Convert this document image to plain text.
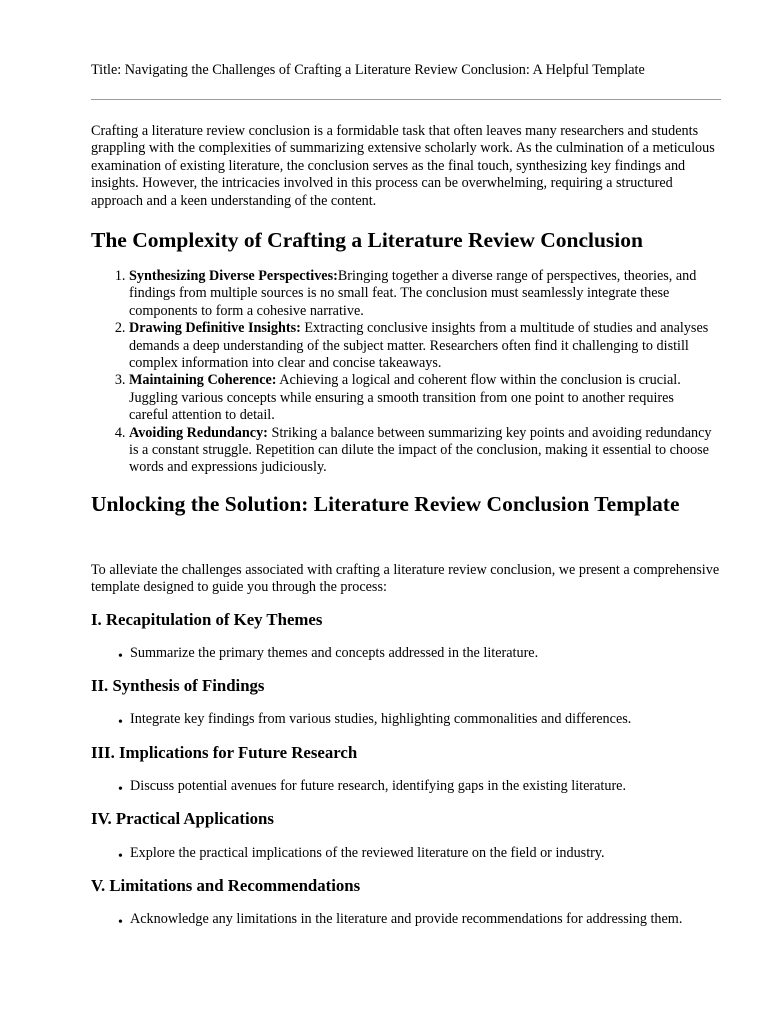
Title: Navigating the Challenges of Crafting a Literature Review Conclusion: A Helpful Template

Crafting a literature review conclusion is a formidable task that often leaves many researchers and students grappling with the complexities of summarizing extensive scholarly work. As the culmination of a meticulous examination of existing literature, the conclusion serves as the final touch, synthesizing key findings and insights. However, the intricacies involved in this process can be overwhelming, requiring a structured approach and a keen understanding of the content.

The Complexity of Crafting a Literature Review Conclusion
1. Synthesizing Diverse Perspectives:Bringing together a diverse range of perspectives, theories, and findings from multiple sources is no small feat. The conclusion must seamlessly integrate these components to form a cohesive narrative.
2. Drawing Definitive Insights: Extracting conclusive insights from a multitude of studies and analyses demands a deep understanding of the subject matter. Researchers often find it challenging to distill complex information into clear and concise takeaways.
3. Maintaining Coherence: Achieving a logical and coherent flow within the conclusion is crucial. Juggling various concepts while ensuring a smooth transition from one point to another requires careful attention to detail.
4. Avoiding Redundancy: Striking a balance between summarizing key points and avoiding redundancy is a constant struggle. Repetition can dilute the impact of the conclusion, making it essential to choose words and expressions judiciously.
Unlocking the Solution: Literature Review Conclusion Template

To alleviate the challenges associated with crafting a literature review conclusion, we present a comprehensive template designed to guide you through the process:

I. Recapitulation of Key Themes
• Summarize the primary themes and concepts addressed in the literature.
II. Synthesis of Findings
• Integrate key findings from various studies, highlighting commonalities and differences.
III. Implications for Future Research
• Discuss potential avenues for future research, identifying gaps in the existing literature.
IV. Practical Applications
• Explore the practical implications of the reviewed literature on the field or industry.
V. Limitations and Recommendations
• Acknowledge any limitations in the literature and provide recommendations for addressing them.
